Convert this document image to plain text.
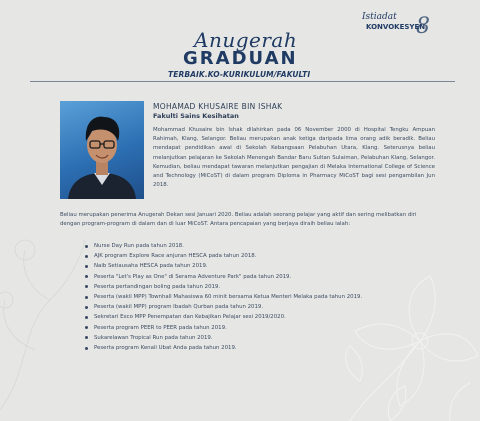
Anugerah
GRADUAN
TERBAIK.KO-KURIKULUM/FAKULTI
Istiadat
KONVOKESYEN
8
MOHAMAD KHUSAIRE BIN ISHAK
Fakulti Sains Kesihatan
Mohammad Khusaire bin Ishak dilahirkan pada 06 November 2000 di Hospital Tengku Ampuan Rahimah, Klang, Selangor. Beliau merupakan anak ketiga daripada lima orang adik beradik. Beliau mendapat pendidikan awal di Sekolah Kebangsaan Pelabuhan Utara, Klang. Seterusnya beliau melanjutkan pelajaran ke Sekolah Menengah Bandar Baru Sultan Sulaiman, Pelabuhan Klang, Selangor. Kemudian, beliau mendapat tawaran melanjutkan pengajian di Melaka International College of Science and Technology (MiCoST) di dalam program Diploma in Pharmacy MiCoST bagi sesi pengambilan Jun 2018.
Beliau merupakan penerima Anugerah Dekan sesi Januari 2020. Beliau adalah seorang pelajar yang aktif dan sering melibatkan diri dengan program-program di dalam dan di luar MiCoST. Antara pencapaian yang berjaya diraih beliau ialah:
Nurse Day Run pada tahun 2018.
AJK program Explore Race anjuran HESCA pada tahun 2018.
Naib Setiausaha HESCA pada tahun 2019.
Peserta "Let's Play as One" di Serama Adventure Park" pada tahun 2019.
Peserta pertandingan boling pada tahun 2019.
Peserta (wakil MPP) Townhall Mahasiswa 60 minit bersama Ketua Menteri Melaka pada tahun 2019.
Peserta (wakil MPP) program Ibadah Qurban pada tahun 2019.
Sekretari Exco MPP Penempatan dan Kebajikan Pelajar sesi 2019/2020.
Peserta program PEER to PEER pada tahun 2019.
Sukarelawan Tropical Run pada tahun 2019.
Peserta program Kenali Ubat Anda pada tahun 2019.
